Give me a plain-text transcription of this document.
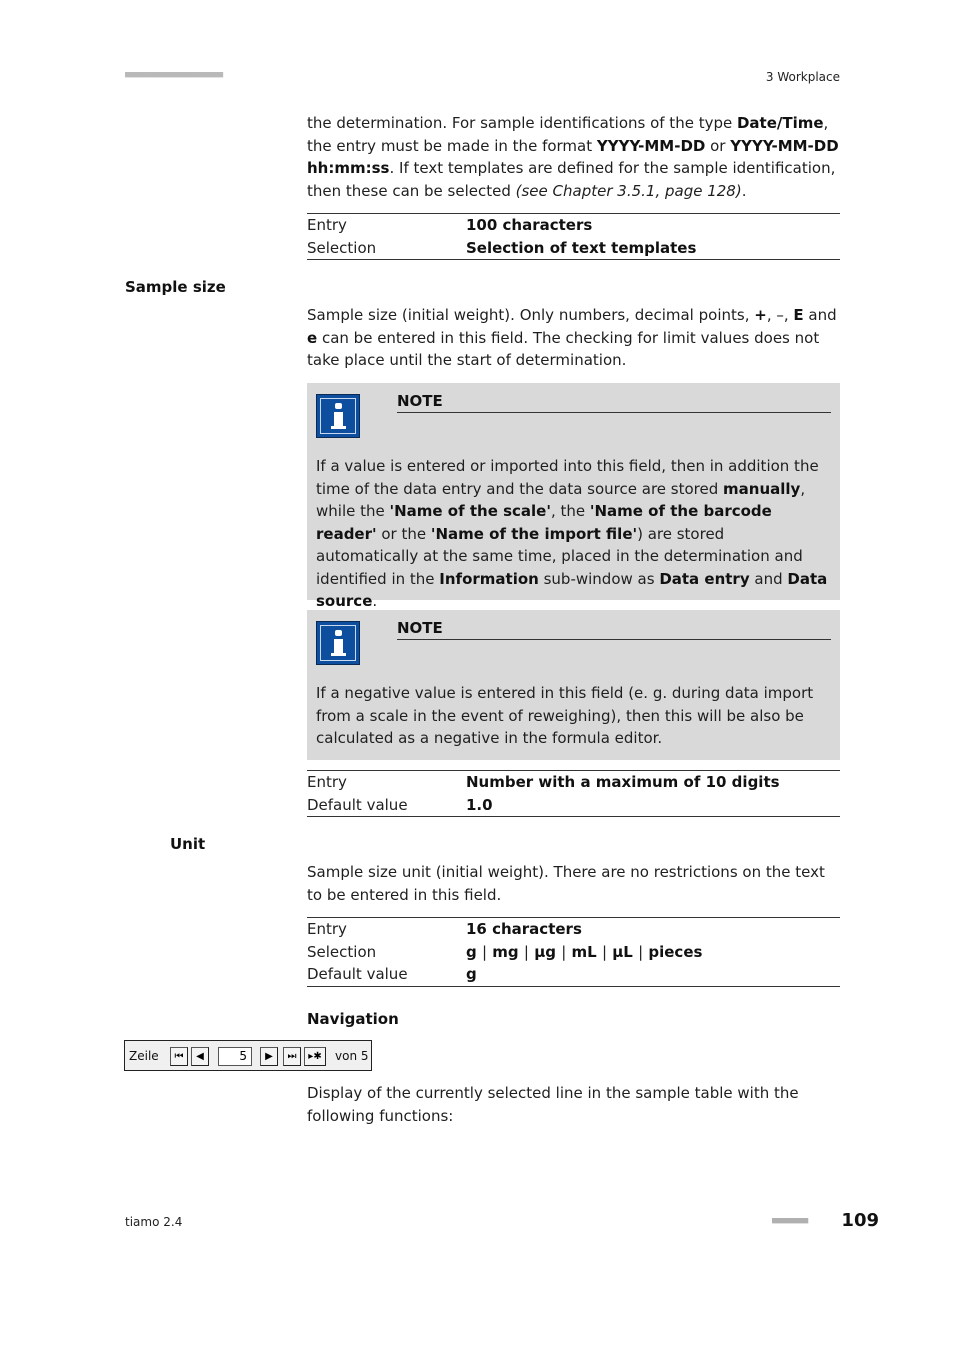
■■■■■■■■■■■■■■■■■■■■■■	3 Workplace
the determination. For sample identifications of the type Date/Time, the entry must be made in the format YYYY-MM-DD or YYYY-MM-DD hh:mm:ss. If text templates are defined for the sample identification, then these can be selected (see Chapter 3.5.1, page 128).
Entry	100 characters
Selection	Selection of text templates
Sample size
Sample size (initial weight). Only numbers, decimal points, +, –, E and e can be entered in this field. The checking for limit values does not take place until the start of determination.
NOTE
If a value is entered or imported into this field, then in addition the time of the data entry and the data source are stored manually, while the 'Name of the scale', the 'Name of the barcode reader' or the 'Name of the import file') are stored automatically at the same time, placed in the determination and identified in the Information sub-window as Data entry and Data source.
NOTE
If a negative value is entered in this field (e. g. during data import from a scale in the event of reweighing), then this will be also be calculated as a negative in the formula editor.
Entry	Number with a maximum of 10 digits
Default value	1.0
Unit
Sample size unit (initial weight). There are no restrictions on the text to be entered in this field.
Entry	16 characters
Selection	g | mg | µg | mL | µL | pieces
Default value	g
Navigation
Zeile	⏮	◀	5	▶	⏭	▸✱	von 5
Display of the currently selected line in the sample table with the following functions:
tiamo 2.4	■■■■■■■■	109
